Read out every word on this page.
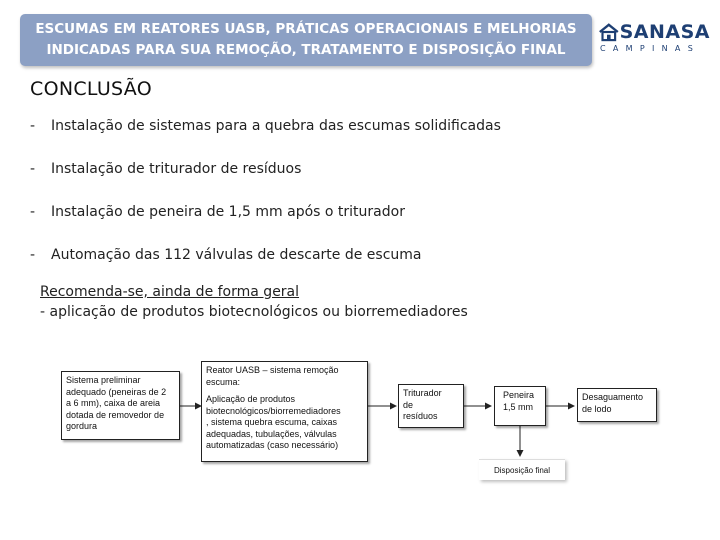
ESCUMAS EM REATORES UASB, PRÁTICAS OPERACIONAIS E MELHORIAS
INDICADAS PARA SUA REMOÇÃO, TRATAMENTO E DISPOSIÇÃO FINAL
SANASA
CAMPINAS
CONCLUSÃO
-	Instalação de sistemas para a quebra das escumas solidificadas
-	Instalação de triturador de resíduos
-	Instalação de peneira de 1,5 mm após o triturador
-	Automação das 112 válvulas de descarte de escuma
Recomenda-se, ainda de forma geral
- aplicação de produtos biotecnológicos ou biorremediadores
Sistema preliminar
adequado (peneiras de 2
a 6 mm), caixa de areia
dotada de removedor de
gordura
Reator UASB – sistema remoção
escuma:
Aplicação de produtos
biotecnológicos/biorremediadores
, sistema quebra escuma, caixas
adequadas, tubulações, válvulas
automatizadas (caso necessário)
Triturador
de
resíduos
Peneira
1,5 mm
Desaguamento
de lodo
Disposição final
